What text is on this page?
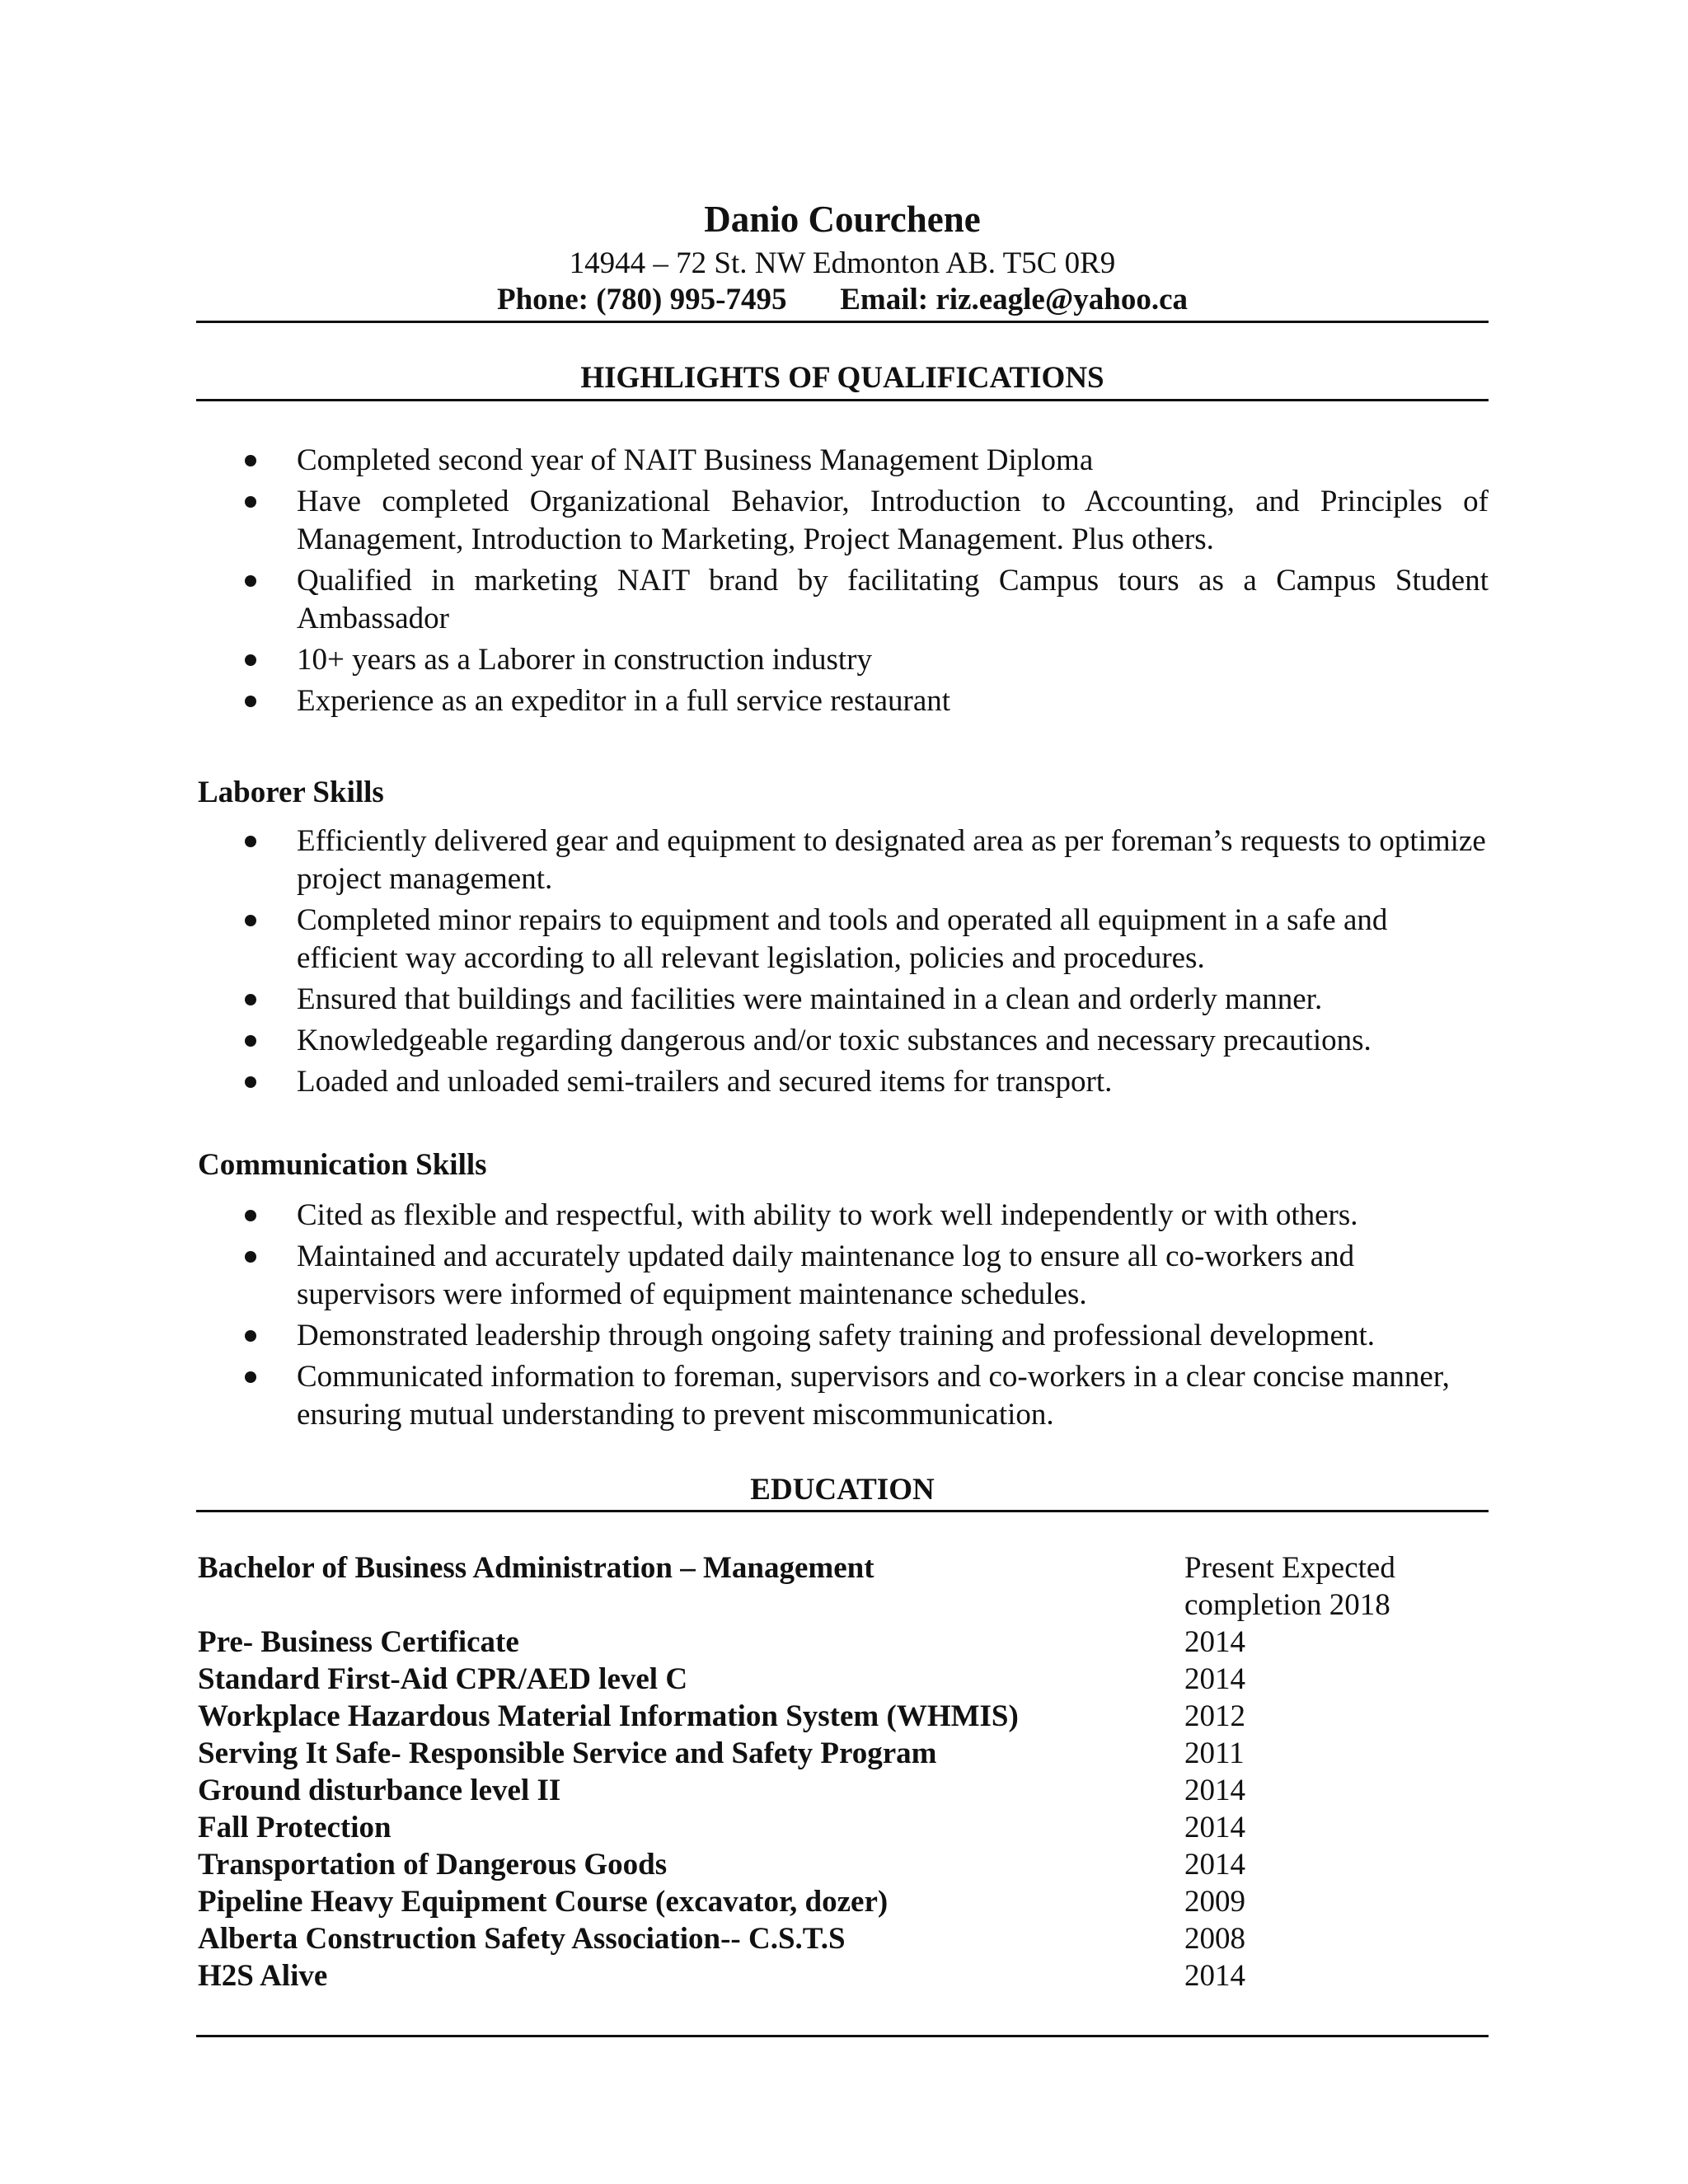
Danio Courchene
14944 – 72 St. NW Edmonton AB. T5C 0R9
Phone: (780) 995-7495       Email: riz.eagle@yahoo.ca
HIGHLIGHTS OF QUALIFICATIONS
Completed second year of NAIT Business Management Diploma
Have completed Organizational Behavior, Introduction to Accounting, and Principles of Management, Introduction to Marketing, Project Management. Plus others.
Qualified in marketing NAIT brand by facilitating Campus tours as a Campus Student Ambassador
10+ years as a Laborer in construction industry
Experience as an expeditor in a full service restaurant
Laborer Skills
Efficiently delivered gear and equipment to designated area as per foreman’s requests to optimize project management.
Completed minor repairs to equipment and tools and operated all equipment in a safe and efficient way according to all relevant legislation, policies and procedures.
Ensured that buildings and facilities were maintained in a clean and orderly manner.
Knowledgeable regarding dangerous and/or toxic substances and necessary precautions.
Loaded and unloaded semi-trailers and secured items for transport.
Communication Skills
Cited as flexible and respectful, with ability to work well independently or with others.
Maintained and accurately updated daily maintenance log to ensure all co-workers and supervisors were informed of equipment maintenance schedules.
Demonstrated leadership through ongoing safety training and professional development.
Communicated information to foreman, supervisors and co-workers in a clear concise manner, ensuring mutual understanding to prevent miscommunication.
EDUCATION
Bachelor of Business Administration – Management	Present Expected completion 2018
Pre- Business Certificate	2014
Standard First-Aid CPR/AED level C	2014
Workplace Hazardous Material Information System (WHMIS)	2012
Serving It Safe- Responsible Service and Safety Program	2011
Ground disturbance level II	2014
Fall Protection	2014
Transportation of Dangerous Goods	2014
Pipeline Heavy Equipment Course (excavator, dozer)	2009
Alberta Construction Safety Association-- C.S.T.S	2008
H2S Alive	2014
